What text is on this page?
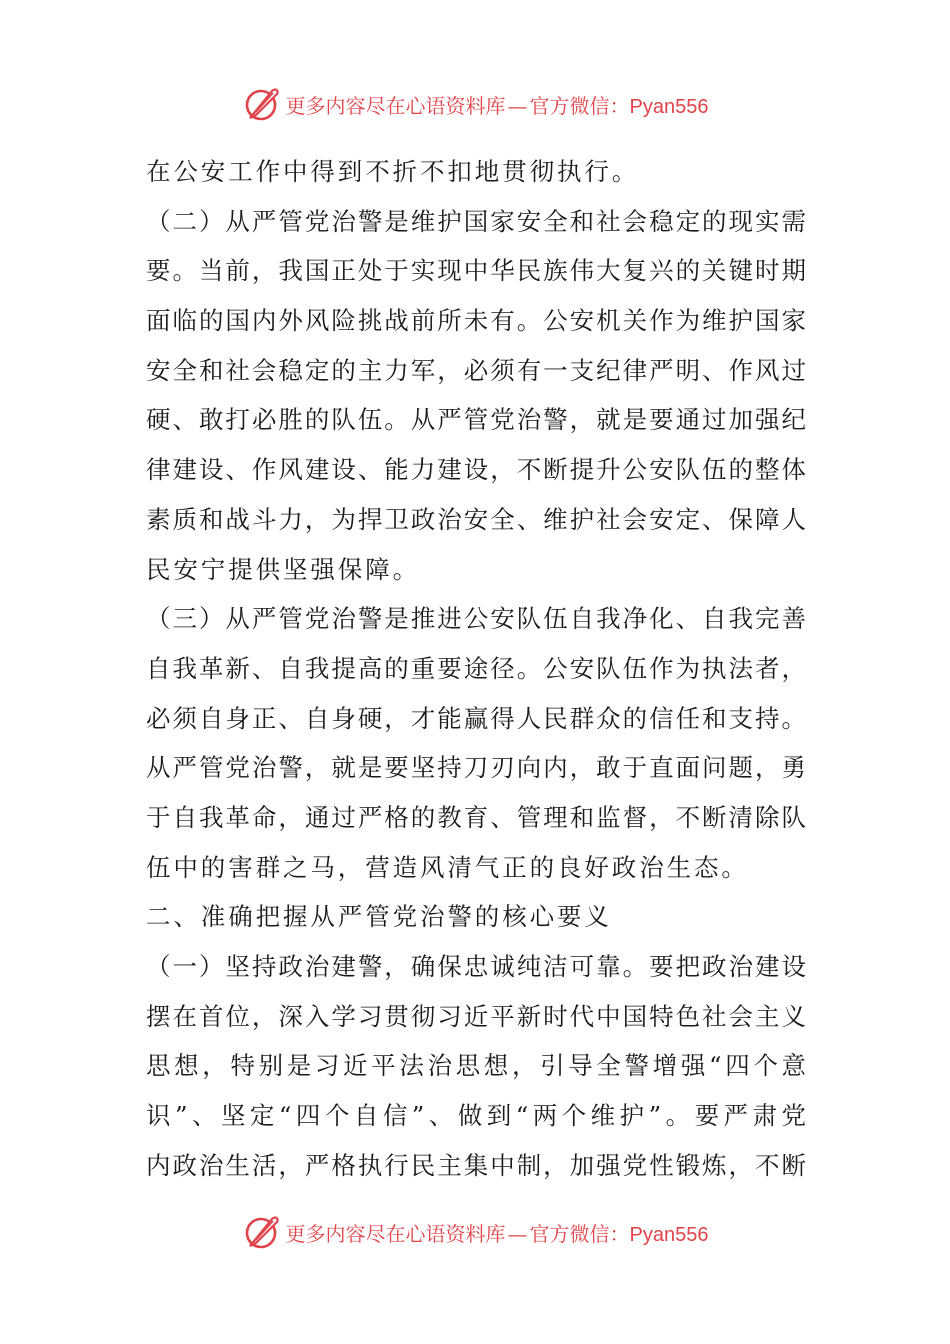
更多内容尽在心语资料库 — 官方微信： Pyan556
在公安工作中得到不折不扣地贯彻执行。
（二）从严管党治警是维护国家安全和社会稳定的现实需
要。当前，我国正处于实现中华民族伟大复兴的关键时期
面临的国内外风险挑战前所未有。公安机关作为维护国家
安全和社会稳定的主力军，必须有一支纪律严明、作风过
硬、敢打必胜的队伍。从严管党治警，就是要通过加强纪
律建设、作风建设、能力建设，不断提升公安队伍的整体
素质和战斗力，为捍卫政治安全、维护社会安定、保障人
民安宁提供坚强保障。
（三）从严管党治警是推进公安队伍自我净化、自我完善
自我革新、自我提高的重要途径。公安队伍作为执法者，
必须自身正、自身硬，才能赢得人民群众的信任和支持。
从严管党治警，就是要坚持刀刃向内，敢于直面问题，勇
于自我革命，通过严格的教育、管理和监督，不断清除队
伍中的害群之马，营造风清气正的良好政治生态。
二、准确把握从严管党治警的核心要义
（一）坚持政治建警，确保忠诚纯洁可靠。要把政治建设
摆在首位，深入学习贯彻习近平新时代中国特色社会主义
思想，特别是习近平法治思想，引导全警增强“四个意
识”、坚定“四个自信”、做到“两个维护”。要严肃党
内政治生活，严格执行民主集中制，加强党性锻炼，不断
更多内容尽在心语资料库 — 官方微信： Pyan556
